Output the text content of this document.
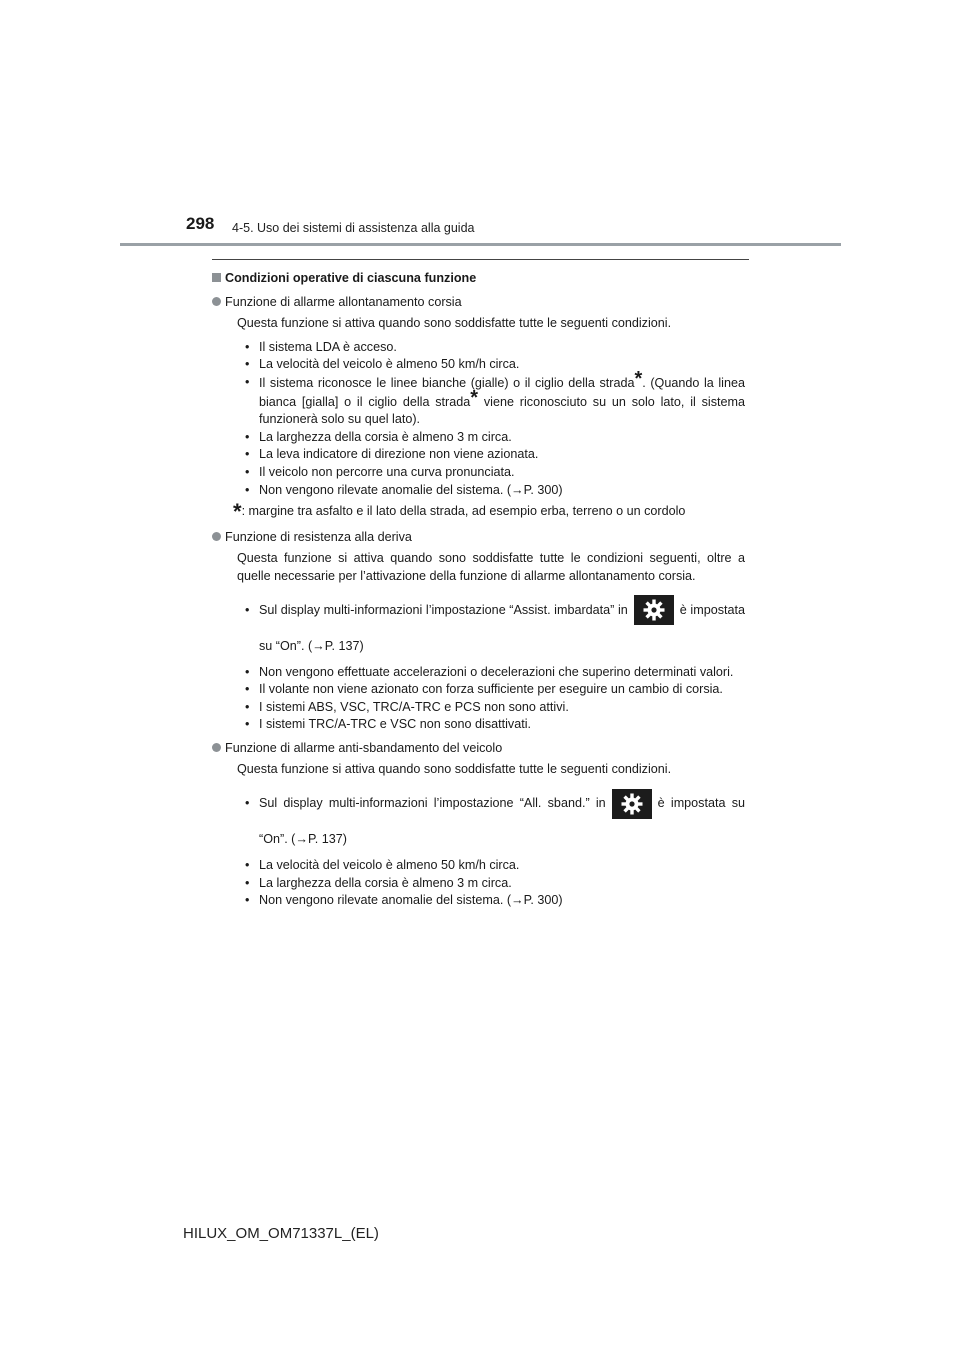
298 4-5. Uso dei sistemi di assistenza alla guida
Condizioni operative di ciascuna funzione
Funzione di allarme allontanamento corsia
Questa funzione si attiva quando sono soddisfatte tutte le seguenti condizioni.
• Il sistema LDA è acceso.
• La velocità del veicolo è almeno 50 km/h circa.
• Il sistema riconosce le linee bianche (gialle) o il ciglio della strada*. (Quando la linea bianca [gialla] o il ciglio della strada* viene riconosciuto su un solo lato, il sistema funzionerà solo su quel lato).
• La larghezza della corsia è almeno 3 m circa.
• La leva indicatore di direzione non viene azionata.
• Il veicolo non percorre una curva pronunciata.
• Non vengono rilevate anomalie del sistema. (→P. 300)
*: margine tra asfalto e il lato della strada, ad esempio erba, terreno o un cordolo
Funzione di resistenza alla deriva
Questa funzione si attiva quando sono soddisfatte tutte le condizioni seguenti, oltre a quelle necessarie per l’attivazione della funzione di allarme allontanamento corsia.
• Sul display multi-informazioni l’impostazione “Assist. imbardata” in	è impostata su “On”. (→P. 137)
• Non vengono effettuate accelerazioni o decelerazioni che superino determinati valori.
• Il volante non viene azionato con forza sufficiente per eseguire un cambio di corsia.
• I sistemi ABS, VSC, TRC/A-TRC e PCS non sono attivi.
• I sistemi TRC/A-TRC e VSC non sono disattivati.
Funzione di allarme anti-sbandamento del veicolo
Questa funzione si attiva quando sono soddisfatte tutte le seguenti condizioni.
• Sul display multi-informazioni l’impostazione “All. sband.” in	è impostata su “On”. (→P. 137)
• La velocità del veicolo è almeno 50 km/h circa.
• La larghezza della corsia è almeno 3 m circa.
• Non vengono rilevate anomalie del sistema. (→P. 300)
HILUX_OM_OM71337L_(EL)
